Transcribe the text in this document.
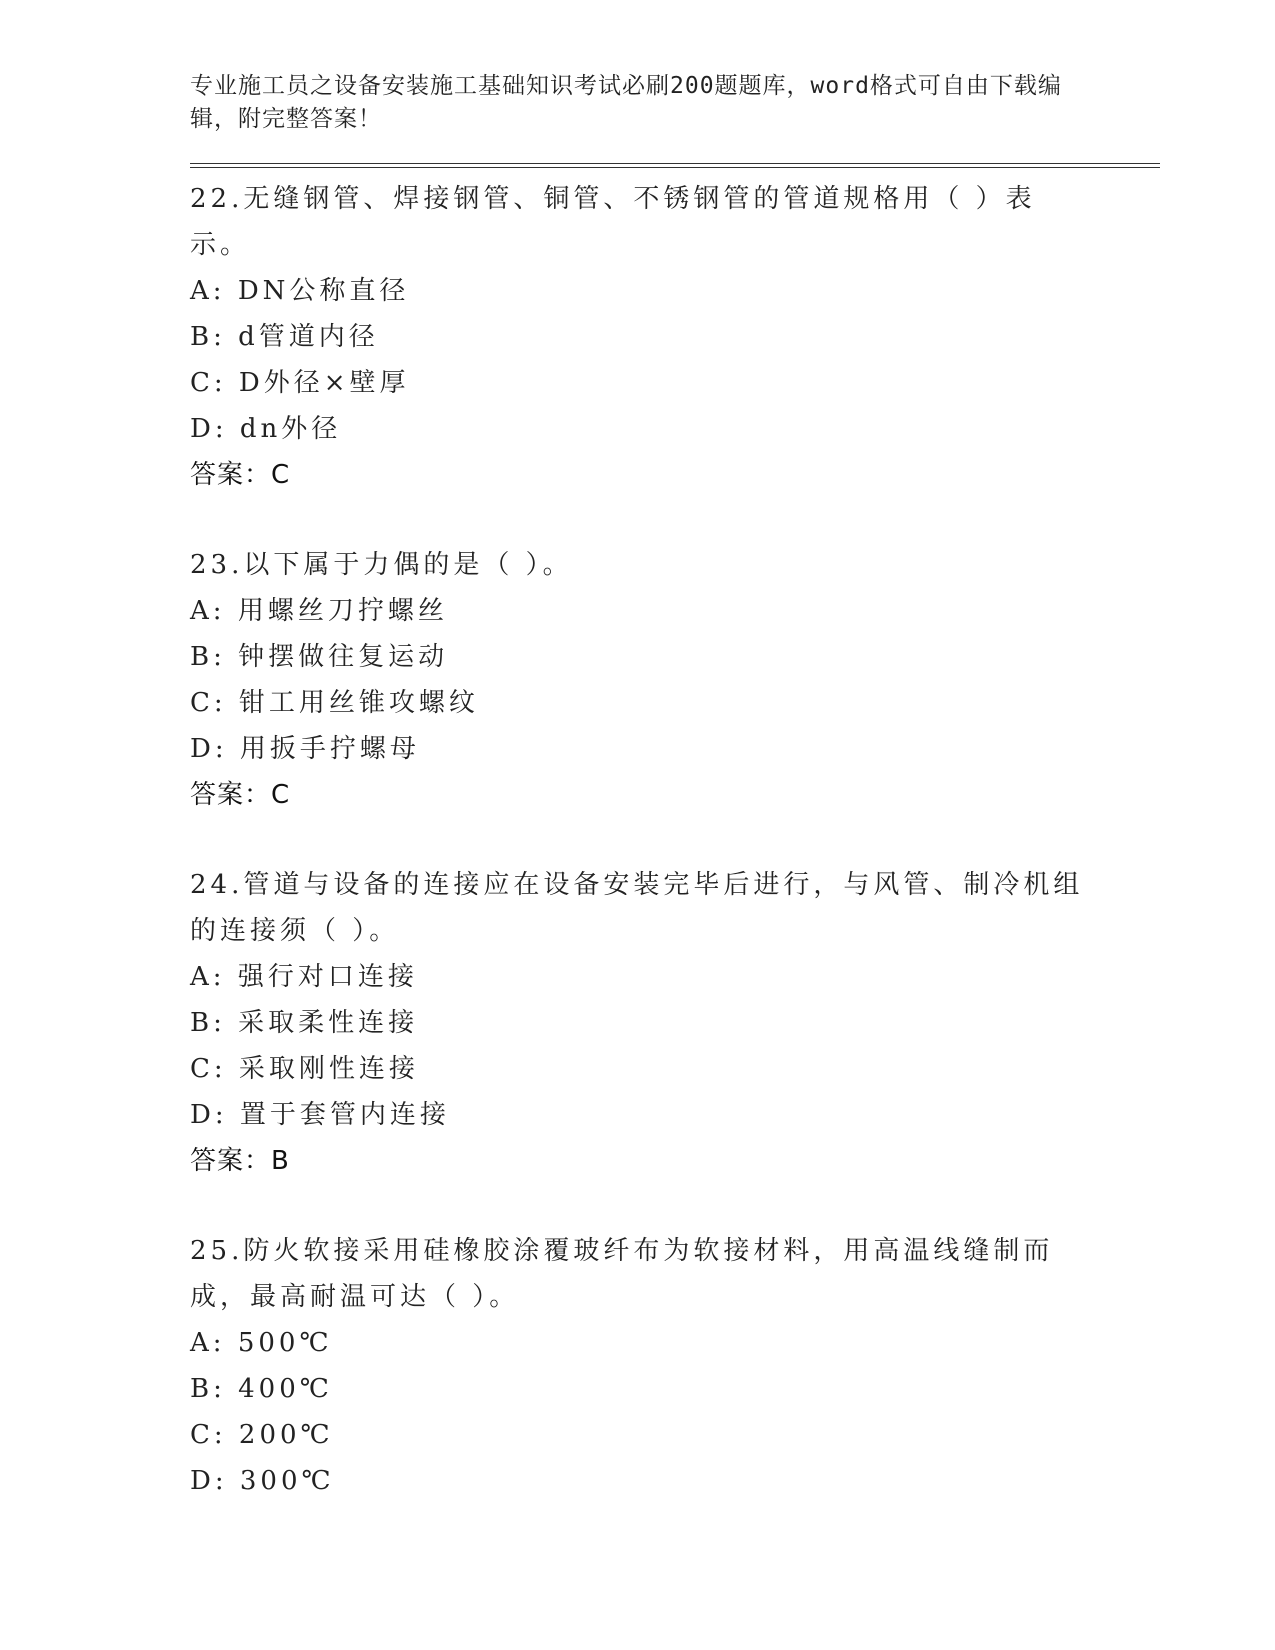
专业施工员之设备安装施工基础知识考试必刷200题题库，word格式可自由下载编辑，附完整答案！
22.无缝钢管、焊接钢管、铜管、不锈钢管的管道规格用（ ）表示。
A: DN公称直径
B: d管道内径
C: D外径×壁厚
D: dn外径
答案：C
23.以下属于力偶的是（ ）。
A: 用螺丝刀拧螺丝
B: 钟摆做往复运动
C: 钳工用丝锥攻螺纹
D: 用扳手拧螺母
答案：C
24.管道与设备的连接应在设备安装完毕后进行，与风管、制冷机组的连接须（ ）。
A: 强行对口连接
B: 采取柔性连接
C: 采取刚性连接
D: 置于套管内连接
答案：B
25.防火软接采用硅橡胶涂覆玻纤布为软接材料，用高温线缝制而成，最高耐温可达（ ）。
A: 500℃
B: 400℃
C: 200℃
D: 300℃
